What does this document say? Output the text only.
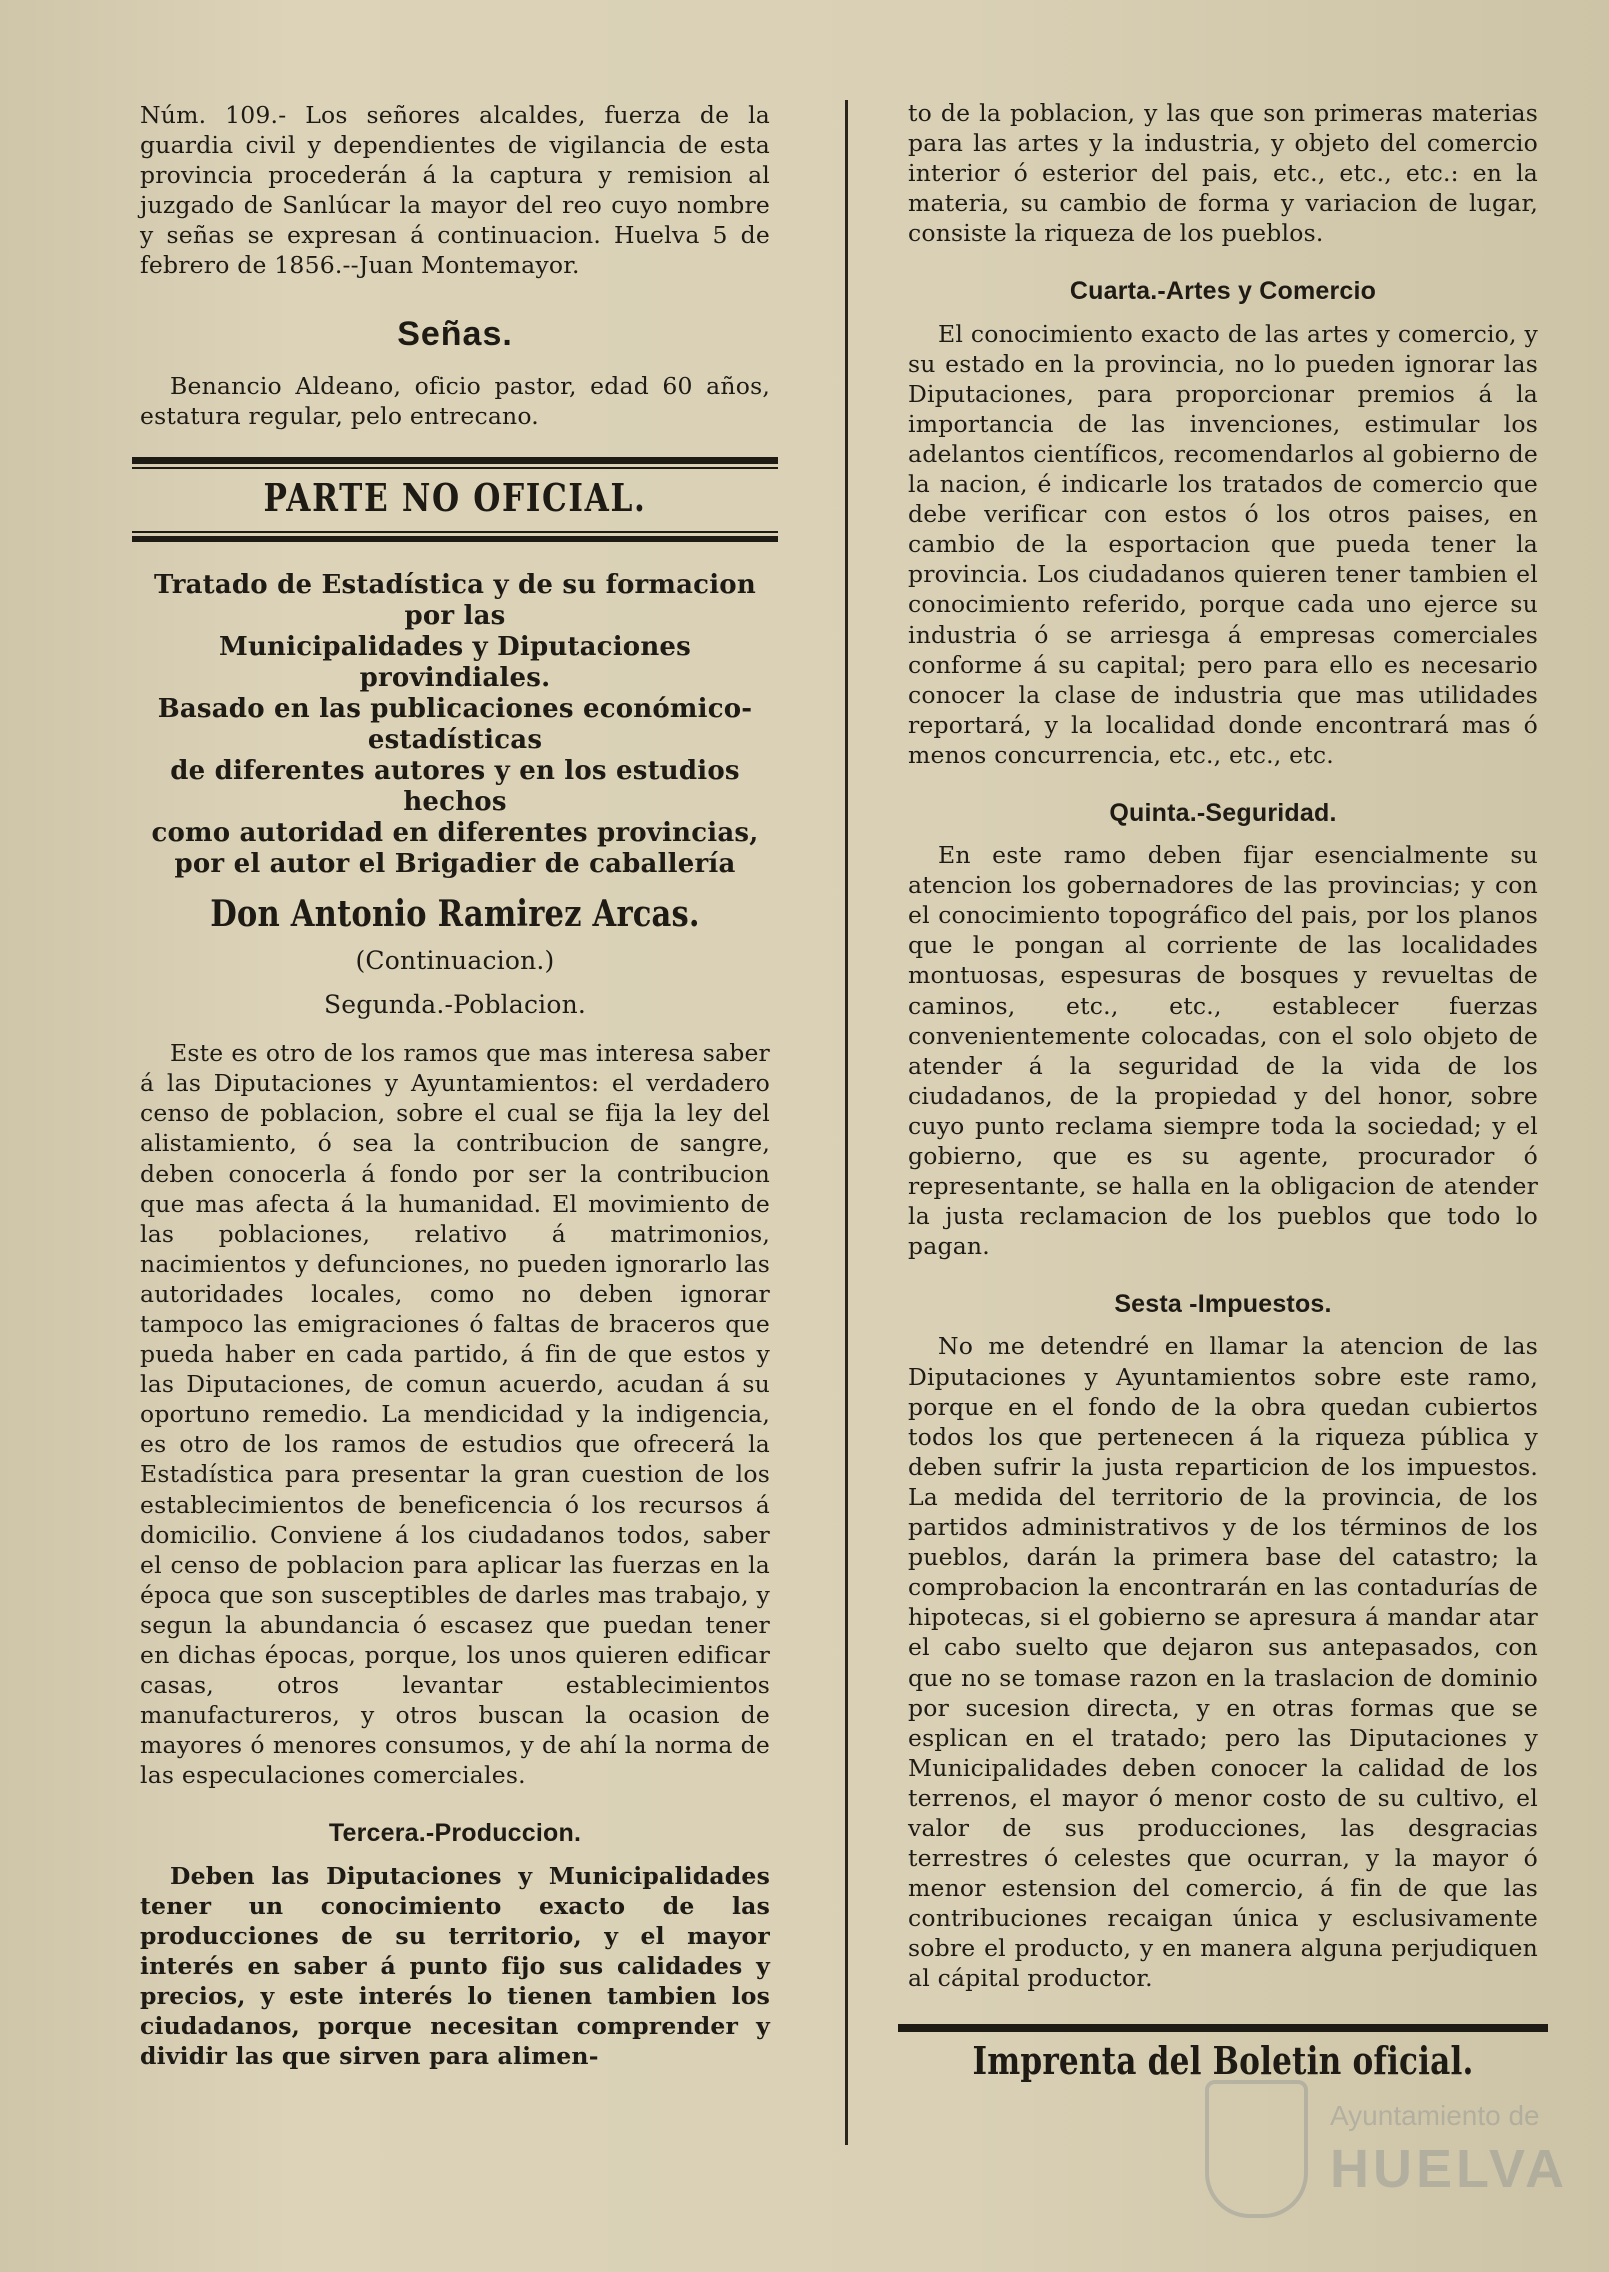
Núm. 109.- Los señores alcaldes, fuerza de la guardia civil y dependientes de vigilancia de esta provincia procederán á la captura y remision al juzgado de Sanlúcar la mayor del reo cuyo nombre y señas se expresan á continuacion. Huelva 5 de febrero de 1856.--Juan Montemayor.

Señas.

Benancio Aldeano, oficio pastor, edad 60 años, estatura regular, pelo entrecano.

PARTE NO OFICIAL.
Tratado de Estadística y de su formacion por las
Municipalidades y Diputaciones provindiales.
Basado en las publicaciones económico-estadísticas
de diferentes autores y en los estudios hechos
como autoridad en diferentes provincias,
por el autor el Brigadier de caballería
Don Antonio Ramirez Arcas.
(Continuacion.)
Segunda.-Poblacion.

Este es otro de los ramos que mas interesa saber á las Diputaciones y Ayuntamientos: el verdadero censo de poblacion, sobre el cual se fija la ley del alistamiento, ó sea la contribucion de sangre, deben conocerla á fondo por ser la contribucion que mas afecta á la humanidad. El movimiento de las poblaciones, relativo á matrimonios, nacimientos y defunciones, no pueden ignorarlo las autoridades locales, como no deben ignorar tampoco las emigraciones ó faltas de braceros que pueda haber en cada partido, á fin de que estos y las Diputaciones, de comun acuerdo, acudan á su oportuno remedio. La mendicidad y la indigencia, es otro de los ramos de estudios que ofrecerá la Estadística para presentar la gran cuestion de los establecimientos de beneficencia ó los recursos á domicilio. Conviene á los ciudadanos todos, saber el censo de poblacion para aplicar las fuerzas en la época que son susceptibles de darles mas trabajo, y segun la abundancia ó escasez que puedan tener en dichas épocas, porque, los unos quieren edificar casas, otros levantar establecimientos manufactureros, y otros buscan la ocasion de mayores ó menores consumos, y de ahí la norma de las especulaciones comerciales.

Tercera.-Produccion.

Deben las Diputaciones y Municipalidades tener un conocimiento exacto de las producciones de su territorio, y el mayor interés en saber á punto fijo sus calidades y precios, y este interés lo tienen tambien los ciudadanos, porque necesitan comprender y dividir las que sirven para alimen-

to de la poblacion, y las que son primeras materias para las artes y la industria, y objeto del comercio interior ó esterior del pais, etc., etc., etc.: en la materia, su cambio de forma y variacion de lugar, consiste la riqueza de los pueblos.

Cuarta.-Artes y Comercio

El conocimiento exacto de las artes y comercio, y su estado en la provincia, no lo pueden ignorar las Diputaciones, para proporcionar premios á la importancia de las invenciones, estimular los adelantos científicos, recomendarlos al gobierno de la nacion, é indicarle los tratados de comercio que debe verificar con estos ó los otros paises, en cambio de la esportacion que pueda tener la provincia. Los ciudadanos quieren tener tambien el conocimiento referido, porque cada uno ejerce su industria ó se arriesga á empresas comerciales conforme á su capital; pero para ello es necesario conocer la clase de industria que mas utilidades reportará, y la localidad donde encontrará mas ó menos concurrencia, etc., etc., etc.

Quinta.-Seguridad.

En este ramo deben fijar esencialmente su atencion los gobernadores de las provincias; y con el conocimiento topográfico del pais, por los planos que le pongan al corriente de las localidades montuosas, espesuras de bosques y revueltas de caminos, etc., etc., establecer fuerzas convenientemente colocadas, con el solo objeto de atender á la seguridad de la vida de los ciudadanos, de la propiedad y del honor, sobre cuyo punto reclama siempre toda la sociedad; y el gobierno, que es su agente, procurador ó representante, se halla en la obligacion de atender la justa reclamacion de los pueblos que todo lo pagan.

Sesta -Impuestos.

No me detendré en llamar la atencion de las Diputaciones y Ayuntamientos sobre este ramo, porque en el fondo de la obra quedan cubiertos todos los que pertenecen á la riqueza pública y deben sufrir la justa reparticion de los impuestos. La medida del territorio de la provincia, de los partidos administrativos y de los términos de los pueblos, darán la primera base del catastro; la comprobacion la encontrarán en las contadurías de hipotecas, si el gobierno se apresura á mandar atar el cabo suelto que dejaron sus antepasados, con que no se tomase razon en la traslacion de dominio por sucesion directa, y en otras formas que se esplican en el tratado; pero las Diputaciones y Municipalidades deben conocer la calidad de los terrenos, el mayor ó menor costo de su cultivo, el valor de sus producciones, las desgracias terrestres ó celestes que ocurran, y la mayor ó menor estension del comercio, á fin de que las contribuciones recaigan única y esclusivamente sobre el producto, y en manera alguna perjudiquen al cápital productor.

Imprenta del Boletin oficial.
Ayuntamiento de
HUELVA
